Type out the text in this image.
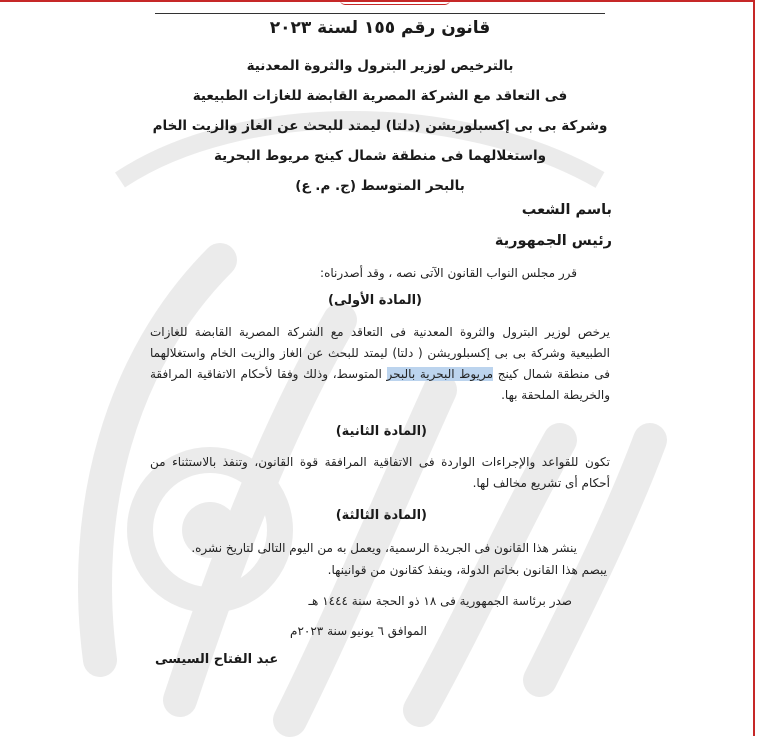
قانون رقم ١٥٥ لسنة ٢٠٢٣
بالترخيص لوزير البترول والثروة المعدنية
فى التعاقد مع الشركة المصرية القابضة للغازات الطبيعية
وشركة بى بى إكسبلوريشن (دلتا) ليمتد للبحث عن الغاز والزيت الخام
واستغلالهما فى منطقة شمال كينج مريوط البحرية
بالبحر المتوسط (ج. م. ع)
باسم الشعب
رئيس الجمهورية
قرر مجلس النواب القانون الآتى نصه ، وقد أصدرناه:
(المادة الأولى)
يرخص لوزير البترول والثروة المعدنية فى التعاقد مع الشركة المصرية القابضة للغازات الطبيعية وشركة بى بى إكسبلوريشن ( دلتا) ليمتد للبحث عن الغاز والزيت الخام واستغلالهما فى منطقة شمال كينج مريوط البحرية بالبحر المتوسط، وذلك وفقا لأحكام الاتفاقية المرافقة والخريطة الملحقة بها.
(المادة الثانية)
تكون للقواعد والإجراءات الواردة فى الاتفاقية المرافقة قوة القانون، وتنفذ بالاستثناء من أحكام أى تشريع مخالف لها.
(المادة الثالثة)
ينشر هذا القانون فى الجريدة الرسمية، ويعمل به من اليوم التالى لتاريخ نشره.
يبصم هذا القانون بخاتم الدولة، وينفذ كقانون من قوانينها.
صدر برئاسة الجمهورية فى ١٨ ذو الحجة سنة ١٤٤٤ هـ
الموافق ٦ يونيو سنة ٢٠٢٣م
عبد الفتاح السيسى
